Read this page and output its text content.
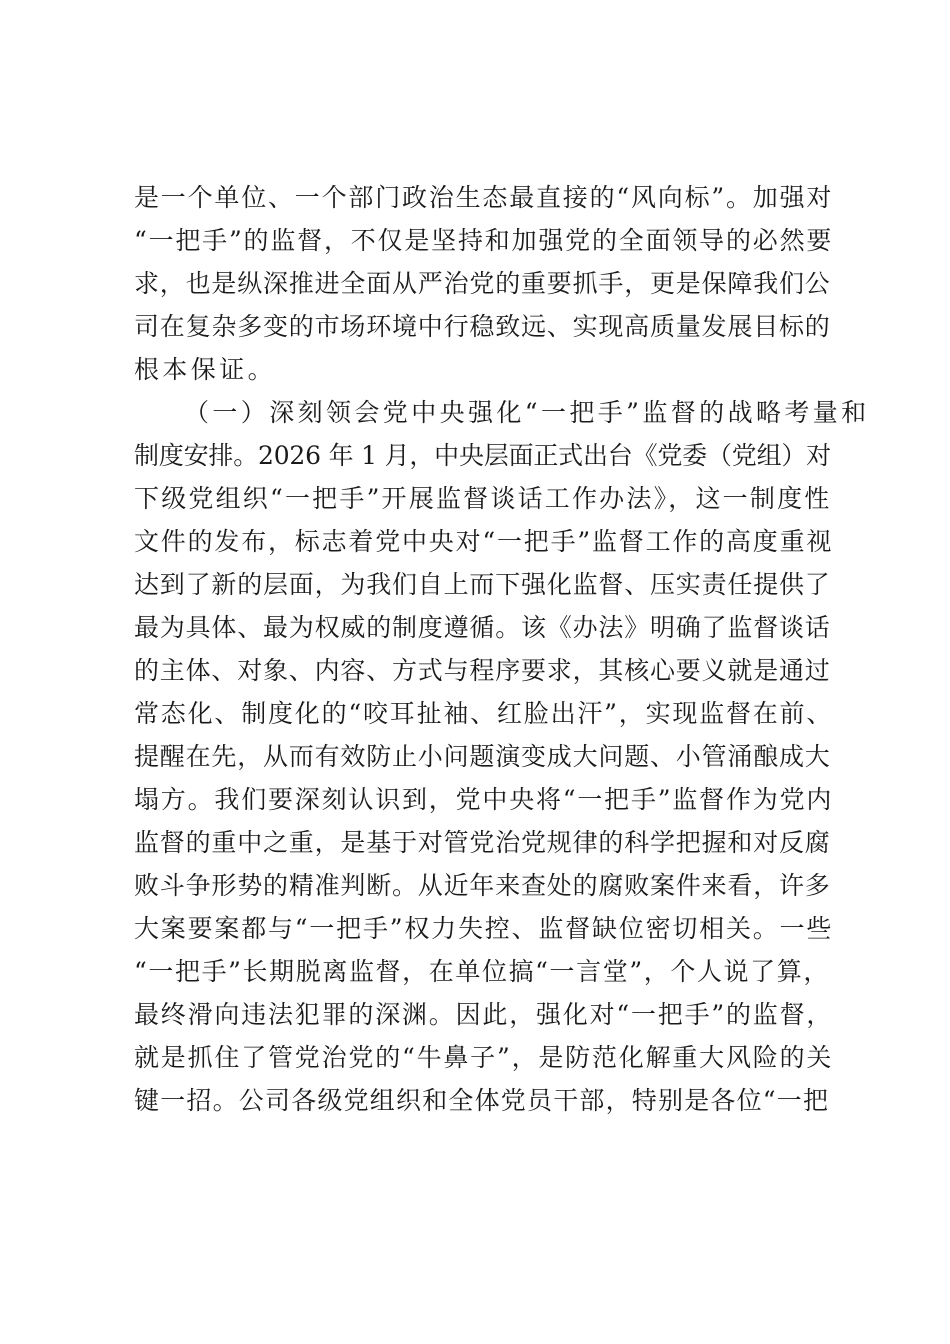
是一个单位、一个部门政治生态最直接的“风向标”。加强对
“一把手”的监督，不仅是坚持和加强党的全面领导的必然要
求，也是纵深推进全面从严治党的重要抓手，更是保障我们公
司在复杂多变的市场环境中行稳致远、实现高质量发展目标的
根本保证。
（一）深刻领会党中央强化“一把手”监督的战略考量和
制度安排。2026 年 1 月，中央层面正式出台《党委（党组）对
下级党组织“一把手”开展监督谈话工作办法》，这一制度性
文件的发布，标志着党中央对“一把手”监督工作的高度重视
达到了新的层面，为我们自上而下强化监督、压实责任提供了
最为具体、最为权威的制度遵循。该《办法》明确了监督谈话
的主体、对象、内容、方式与程序要求，其核心要义就是通过
常态化、制度化的“咬耳扯袖、红脸出汗”，实现监督在前、
提醒在先，从而有效防止小问题演变成大问题、小管涌酿成大
塌方。我们要深刻认识到，党中央将“一把手”监督作为党内
监督的重中之重，是基于对管党治党规律的科学把握和对反腐
败斗争形势的精准判断。从近年来查处的腐败案件来看，许多
大案要案都与“一把手”权力失控、监督缺位密切相关。一些
“一把手”长期脱离监督，在单位搞“一言堂”，个人说了算，
最终滑向违法犯罪的深渊。因此，强化对“一把手”的监督，
就是抓住了管党治党的“牛鼻子”，是防范化解重大风险的关
键一招。公司各级党组织和全体党员干部，特别是各位“一把
